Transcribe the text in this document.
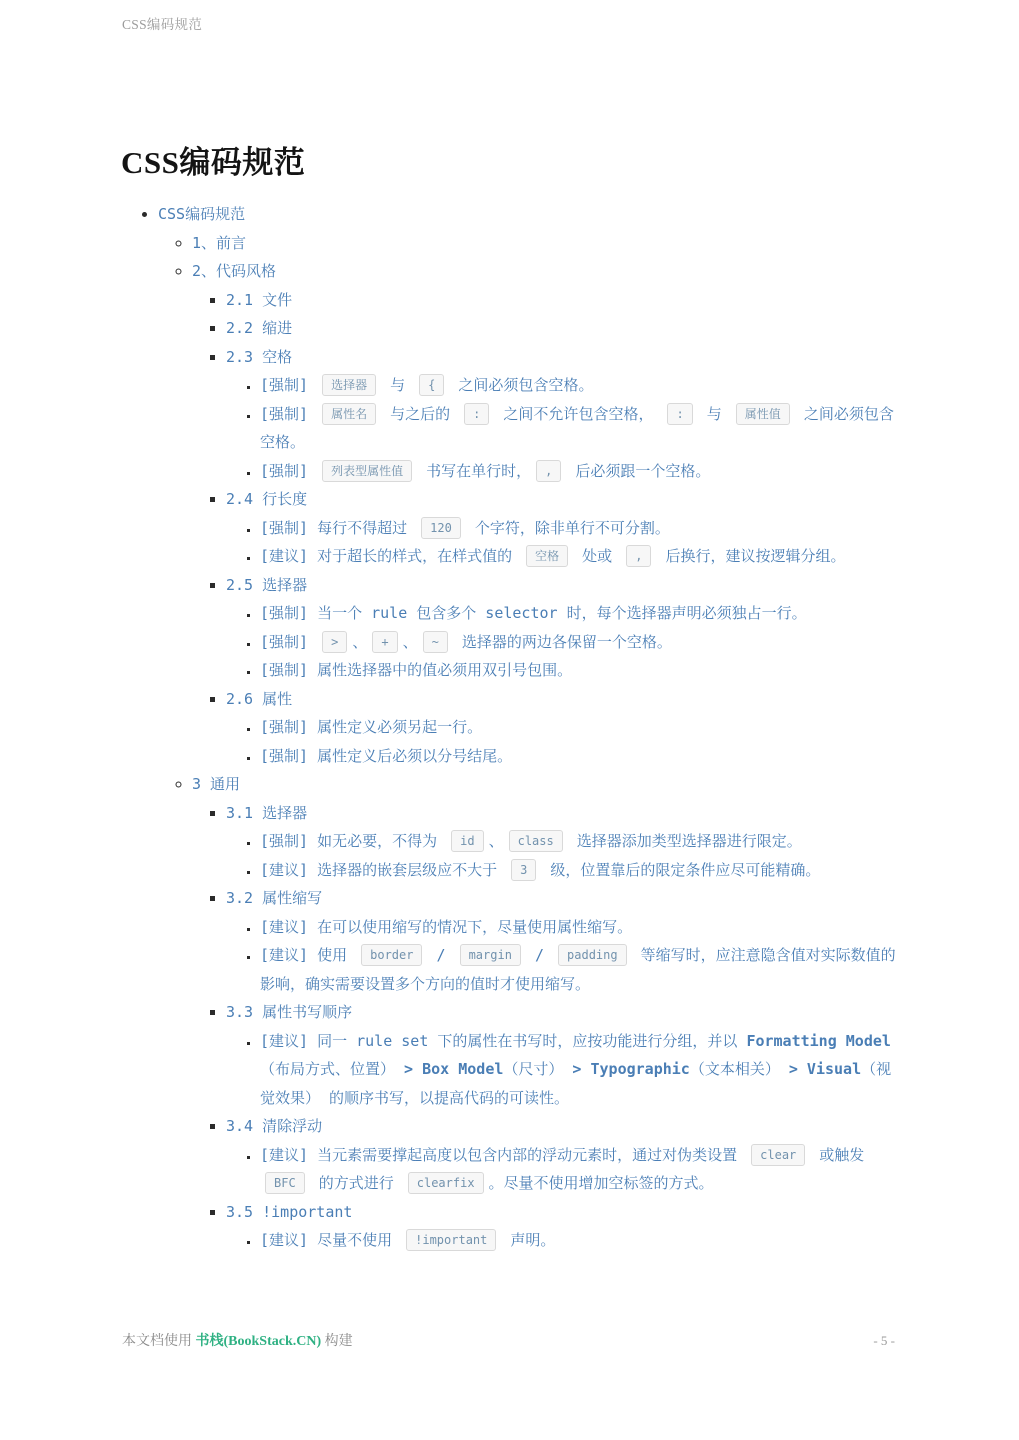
CSS编码规范
CSS编码规范
• CSS编码规范
◦ 1、前言
◦ 2、代码风格
▪ 2.1 文件
▪ 2.2 缩进
▪ 2.3 空格
▪ [强制] 选择器 与 { 之间必须包含空格。
▪ [强制] 属性名 与之后的 : 之间不允许包含空格， : 与 属性值 之间必须包含空格。
▪ [强制] 列表型属性值 书写在单行时， , 后必须跟一个空格。
▪ 2.4 行长度
▪ [强制] 每行不得超过 120 个字符，除非单行不可分割。
▪ [建议] 对于超长的样式，在样式值的 空格 处或 , 后换行，建议按逻辑分组。
▪ 2.5 选择器
▪ [强制] 当一个 rule 包含多个 selector 时，每个选择器声明必须独占一行。
▪ [强制] > 、 + 、 ~ 选择器的两边各保留一个空格。
▪ [强制] 属性选择器中的值必须用双引号包围。
▪ 2.6 属性
▪ [强制] 属性定义必须另起一行。
▪ [强制] 属性定义后必须以分号结尾。
◦ 3 通用
▪ 3.1 选择器
▪ [强制] 如无必要，不得为 id 、 class 选择器添加类型选择器进行限定。
▪ [建议] 选择器的嵌套层级应不大于 3 级，位置靠后的限定条件应尽可能精确。
▪ 3.2 属性缩写
▪ [建议] 在可以使用缩写的情况下，尽量使用属性缩写。
▪ [建议] 使用 border / margin / padding 等缩写时，应注意隐含值对实际数值的影响，确实需要设置多个方向的值时才使用缩写。
▪ 3.3 属性书写顺序
▪ [建议] 同一 rule set 下的属性在书写时，应按功能进行分组，并以 Formatting Model（布局方式、位置） > Box Model（尺寸） > Typographic（文本相关） > Visual（视觉效果） 的顺序书写，以提高代码的可读性。
▪ 3.4 清除浮动
▪ [建议] 当元素需要撑起高度以包含内部的浮动元素时，通过对伪类设置 clear 或触发 BFC 的方式进行 clearfix 。尽量不使用增加空标签的方式。
▪ 3.5 !important
▪ [建议] 尽量不使用 !important 声明。
本文档使用 书栈(BookStack.CN) 构建	- 5 -
